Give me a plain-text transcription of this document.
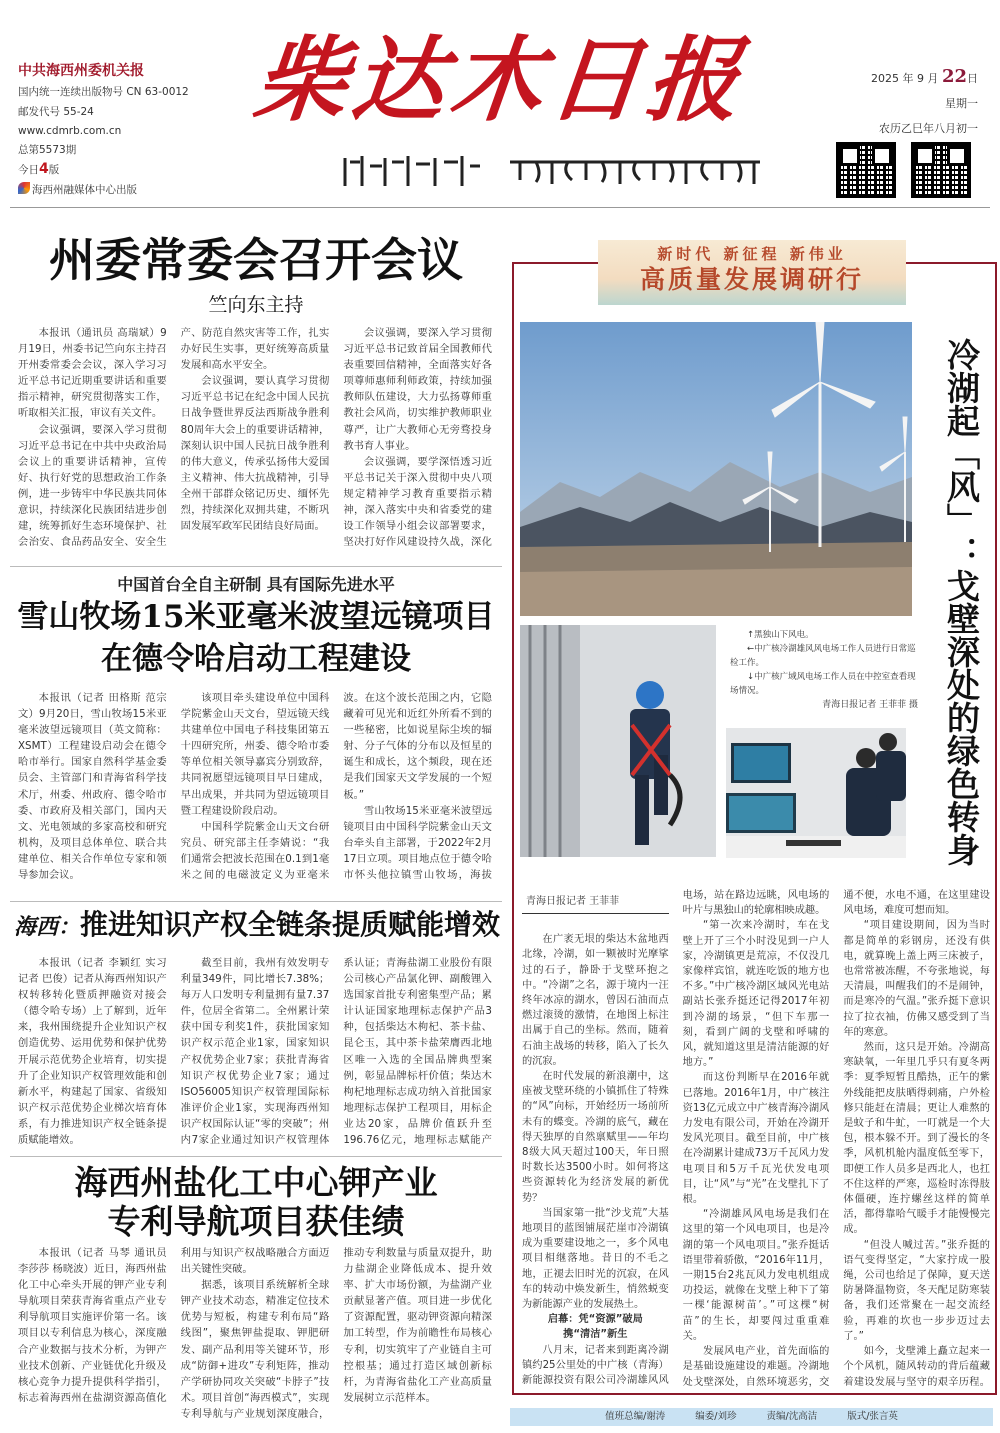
中共海西州委机关报
国内统一连续出版物号 CN 63-0012
邮发代号 55-24
www.cdmrb.com.cn
总第5573期
今日4版
海西州融媒体中心出版
柴达木日报	2025 年 9 月 22日
星期一
农历乙巳年八月初一
州委常委会召开会议
竺向东主持

本报讯（通讯员 高瑞斌）9月19日，州委书记竺向东主持召开州委常委会会议，深入学习习近平总书记近期重要讲话和重要指示精神，研究贯彻落实工作，听取相关汇报，审议有关文件。

会议强调，要深入学习贯彻习近平总书记在中共中央政治局会议上的重要讲话精神，宣传好、执行好党的思想政治工作条例，进一步铸牢中华民族共同体意识，持续深化民族团结进步创建，统筹抓好生态环境保护、社会治安、食品药品安全、安全生产、防范自然灾害等工作，扎实办好民生实事，更好统筹高质量发展和高水平安全。

会议强调，要认真学习贯彻习近平总书记在纪念中国人民抗日战争暨世界反法西斯战争胜利80周年大会上的重要讲话精神，深刻认识中国人民抗日战争胜利的伟大意义，传承弘扬伟大爱国主义精神、伟大抗战精神，引导全州干部群众铭记历史、缅怀先烈，持续深化双拥共建，不断巩固发展军政军民团结良好局面。

会议强调，要深入学习贯彻习近平总书记致首届全国教师代表重要回信精神，全面落实好各项尊师惠师利师政策，持续加强教师队伍建设，大力弘扬尊师重教社会风尚，切实维护教师职业尊严，让广大教师心无旁骛投身教书育人事业。

会议强调，要学深悟透习近平总书记关于深入贯彻中央八项规定精神学习教育重要指示精神，深入落实中央和省委党的建设工作领导小组会议部署要求，坚决打好作风建设持久战，深化

中国首台全自主研制 具有国际先进水平
雪山牧场15米亚毫米波望远镜项目
在德令哈启动工程建设

本报讯（记者 田格斯 范宗文）9月20日，雪山牧场15米亚毫米波望远镜项目（英文简称：XSMT）工程建设启动会在德令哈市举行。国家自然科学基金委员会、主管部门和青海省科学技术厅，州委、州政府、德令哈市委、市政府及相关部门，国内天文、光电领域的多家高校和研究机构，及项目总体单位、联合共建单位、相关合作单位专家和领导参加会议。

该项目牵头建设单位中国科学院紫金山天文台，望远镜天线共建单位中国电子科技集团第五十四研究所，州委、德令哈市委等单位相关领导嘉宾分别致辞，共同祝愿望远镜项目早日建成，早出成果，并共同为望远镜项目暨工程建设阶段启动。

中国科学院紫金山天文台研究员、研究部主任李婧说：“我们通常会把波长范围在0.1到1毫米之间的电磁波定义为亚毫米波。在这个波长范围之内，它隐藏着可见光和近红外所看不到的一些秘密，比如说星际尘埃的辐射、分子气体的分布以及恒星的诞生和成长，这个频段，现在还是我们国家天文学发展的一个短板。”

雪山牧场15米亚毫米波望远镜项目由中国科学院紫金山天文台牵头自主部署，于2022年2月17日立项。项目地点位于德令哈市怀头他拉镇雪山牧场，海拔

海西：推进知识产权全链条提质赋能增效

本报讯（记者 李颖红 实习记者 巴俊）记者从海西州知识产权转移转化暨质押融资对接会（德令哈专场）上了解到，近年来，我州围绕提升企业知识产权创造优势、运用优势和保护优势开展示范优势企业培育，切实提升了企业知识产权管理效能和创新水平，构建起了国家、省级知识产权示范优势企业梯次培育体系，有力推进知识产权全链条提质赋能增效。

截至目前，我州有效发明专利量349件，同比增长7.38%；每万人口发明专利量拥有量7.37件，位居全省第二。全州累计荣获中国专利奖1件，获批国家知识产权示范企业1家，国家知识产权优势企业7家；获批青海省知识产权优势企业7家；通过ISO56005知识产权管理国际标准评价企业1家，实现海西州知识产权国际认证“零的突破”；州内7家企业通过知识产权管理体系认证；青海盐湖工业股份有限公司核心产品氯化钾、副酸锂入选国家首批专利密集型产品；累计认证国家地理标志保护产品3种，包括柴达木枸杞、茶卡盐、昆仑玉，其中茶卡盐荣膺西北地区唯一入选的全国品牌典型案例，彰显品牌标杆价值；柴达木枸杞地理标志成功纳入首批国家地理标志保护工程项目，用标企业达20家，品牌价值跃升至196.76亿元，地理标志赋能产

海西州盐化工中心钾产业
专利导航项目获佳绩

本报讯（记者 马琴 通讯员 李莎莎 杨晓波）近日，海西州盐化工中心牵头开展的钾产业专利导航项目荣获青海省重点产业专利导航项目实施评价第一名。该项目以专利信息为核心，深度融合产业数据与技术分析，为钾产业技术创新、产业链优化升级及核心竞争力提升提供科学指引，标志着海西州在盐湖资源高值化利用与知识产权战略融合方面迈出关键性突破。

据悉，该项目系统解析全球钾产业技术动态，精准定位技术优势与短板，构建专利布局“路线图”，聚焦钾盐提取、钾肥研发、副产品利用等关键环节，形成“防御+进攻”专利矩阵，推动产学研协同攻关突破“卡脖子”技术。项目首创“海西模式”，实现专利导航与产业规划深度融合，推动专利数量与质量双提升，助力盐湖企业降低成本、提升效率、扩大市场份额，为盐湖产业贡献显著产值。项目进一步优化了资源配置，驱动钾资源向精深加工转型，作为前瞻性布局核心专利，切实筑牢了产业链自主可控根基；通过打造区域创新标杆，为青海省盐化工产业高质量发展树立示范样本。

新时代 新征程 新伟业
高质量发展调研行

↑黑独山下风电。

←中广核冷湖雄风风电场工作人员进行日常巡检工作。

↓中广核广域风电场工作人员在中控室查看现场情况。

青海日报记者 王菲菲 摄 冷湖起「风」：戈壁深处的绿色转身
青海日报记者 王菲菲

在广袤无垠的柴达木盆地西北缘，冷湖，如一颗被时光摩挲过的石子，静卧于戈壁环抱之中。“冷湖”之名，源于境内一汪终年冰凉的湖水，曾因石油而点燃过滚烫的激情，在地图上标注出属于自己的坐标。然而，随着石油主战场的转移，陷入了长久的沉寂。

在时代发展的新浪潮中，这座被戈壁环绕的小镇抓住了特殊的“风”向标，开始经历一场前所未有的蝶变。冷湖的底气，藏在得天独厚的自然禀赋里——年均8级大风天超过100天，年日照时数长达3500小时。如何将这些资源转化为经济发展的新优势？

当国家第一批“沙戈荒”大基地项目的蓝图铺展茫崖市冷湖镇成为重要建设地之一，多个风电项目相继落地。昔日的不毛之地，正褪去旧时光的沉寂，在风车的转动中焕发新生，悄然蜕变为新能源产业的发展热土。

启幕：凭“资源”破局
携“清洁”新生

八月末，记者来到距离冷湖镇约25公里处的中广核（青海）新能源投资有限公司冷湖雄风风电场，站在路边远眺，风电场的叶片与黑独山的轮廓相映成趣。

“第一次来冷湖时，车在戈壁上开了三个小时没见到一户人家，冷湖镇更是荒凉，不仅没几家像样宾馆，就连吃饭的地方也不多。”中广核冷湖区域风光电站副站长张乔挺还记得2017年初到冷湖的场景，“但下车那一刻，看到广阔的戈壁和呼啸的风，就知道这里是清洁能源的好地方。”

而这份判断早在2016年就已落地。2016年1月，中广核注资13亿元成立中广核青海冷湖风力发电有限公司，开始在冷湖开发风光项目。截至目前，中广核在冷湖累计建成73万千瓦风力发电项目和5万千瓦光伏发电项目，让“风”与“光”在戈壁扎下了根。

“冷湖雄风风电场是我们在这里的第一个风电项目，也是冷湖的第一个风电项目。”张乔挺话语里带着骄傲，“2016年11月，一期15台2兆瓦风力发电机组成功投运，就像在戈壁上种下了第一棵‘能源树苗’。”可这棵“树苗”的生长，却要闯过重重难关。

发展风电产业，首先面临的是基础设施建设的难题。冷湖地处戈壁深处，自然环境恶劣，交通不便，水电不通，在这里建设风电场，难度可想而知。

“项目建设期间，因为当时都是简单的彩钢房，还没有供电，就算晚上盖上两三床被子，也常常被冻醒，不夸张地说，每天清晨，叫醒我们的不是闹钟，而是寒冷的气温。”张乔挺下意识拉了拉衣袖，仿佛又感受到了当年的寒意。

然而，这只是开始。冷湖高寒缺氧，一年里几乎只有夏冬两季：夏季短暂且酷热，正午的紫外线能把皮肤晒得刺痛，户外检修只能赶在清晨；更让人难熬的是蚊子和牛虻，一叮就是一个大包，根本躲不开。到了漫长的冬季，风机机舱内温度低至零下，即便工作人员多是西北人，也扛不住这样的严寒，巡检时冻得肢体僵硬，连拧螺丝这样的简单活，都得靠哈气暖手才能慢慢完成。

“但没人喊过苦。”张乔挺的语气变得坚定，“大家拧成一股绳，公司也给足了保障，夏天送防暑降温物资，冬天配足防寒装备，我们还常聚在一起交流经验，再难的坎也一步步迈过去了。”

如今，戈壁滩上矗立起来一个个风机，随风转动的背后蕴藏着建设发展与坚守的艰辛历程。

值班总编/谢涛	编委/刘珍	责编/沈高洁	版式/张言英
